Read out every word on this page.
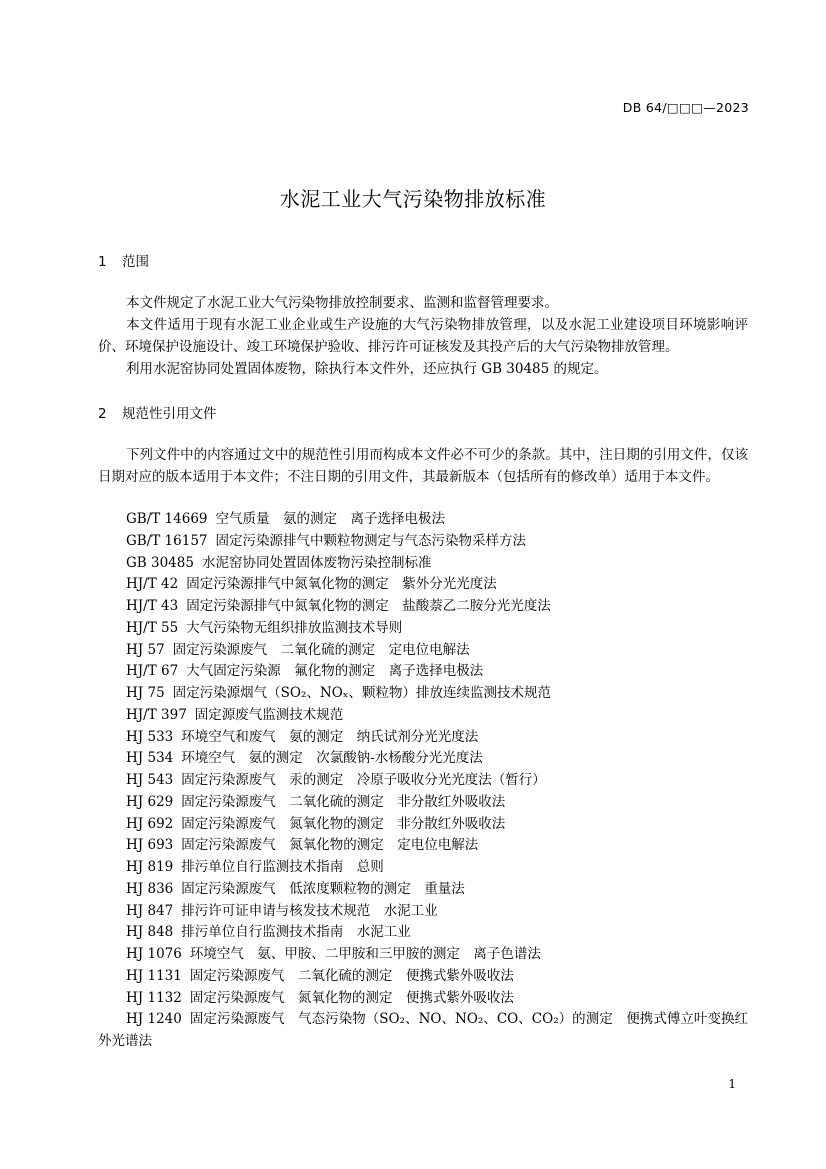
DB 64/□□□—2023
水泥工业大气污染物排放标准
1 范围

本文件规定了水泥工业大气污染物排放控制要求、监测和监督管理要求。

本文件适用于现有水泥工业企业或生产设施的大气污染物排放管理，以及水泥工业建设项目环境影响评价、环境保护设施设计、竣工环境保护验收、排污许可证核发及其投产后的大气污染物排放管理。

利用水泥窑协同处置固体废物，除执行本文件外，还应执行 GB 30485 的规定。

2 规范性引用文件

下列文件中的内容通过文中的规范性引用而构成本文件必不可少的条款。其中，注日期的引用文件，仅该日期对应的版本适用于本文件；不注日期的引用文件，其最新版本（包括所有的修改单）适用于本文件。

GB/T 14669 空气质量　氨的测定　离子选择电极法
GB/T 16157 固定污染源排气中颗粒物测定与气态污染物采样方法
GB 30485 水泥窑协同处置固体废物污染控制标准
HJ/T 42 固定污染源排气中氮氧化物的测定　紫外分光光度法
HJ/T 43 固定污染源排气中氮氧化物的测定　盐酸萘乙二胺分光光度法
HJ/T 55 大气污染物无组织排放监测技术导则
HJ 57 固定污染源废气　二氧化硫的测定　定电位电解法
HJ/T 67 大气固定污染源　氟化物的测定　离子选择电极法
HJ 75 固定污染源烟气（SO₂、NOₓ、颗粒物）排放连续监测技术规范
HJ/T 397 固定源废气监测技术规范
HJ 533 环境空气和废气　氨的测定　纳氏试剂分光光度法
HJ 534 环境空气　氨的测定　次氯酸钠-水杨酸分光光度法
HJ 543 固定污染源废气　汞的测定　冷原子吸收分光光度法（暂行）
HJ 629 固定污染源废气　二氧化硫的测定　非分散红外吸收法
HJ 692 固定污染源废气　氮氧化物的测定　非分散红外吸收法
HJ 693 固定污染源废气　氮氧化物的测定　定电位电解法
HJ 819 排污单位自行监测技术指南　总则
HJ 836 固定污染源废气　低浓度颗粒物的测定　重量法
HJ 847 排污许可证申请与核发技术规范　水泥工业
HJ 848 排污单位自行监测技术指南　水泥工业
HJ 1076 环境空气　氨、甲胺、二甲胺和三甲胺的测定　离子色谱法
HJ 1131 固定污染源废气　二氧化硫的测定　便携式紫外吸收法
HJ 1132 固定污染源废气　氮氧化物的测定　便携式紫外吸收法
HJ 1240 固定污染源废气　气态污染物（SO₂、NO、NO₂、CO、CO₂）的测定　便携式傅立叶变换红外光谱法
1
